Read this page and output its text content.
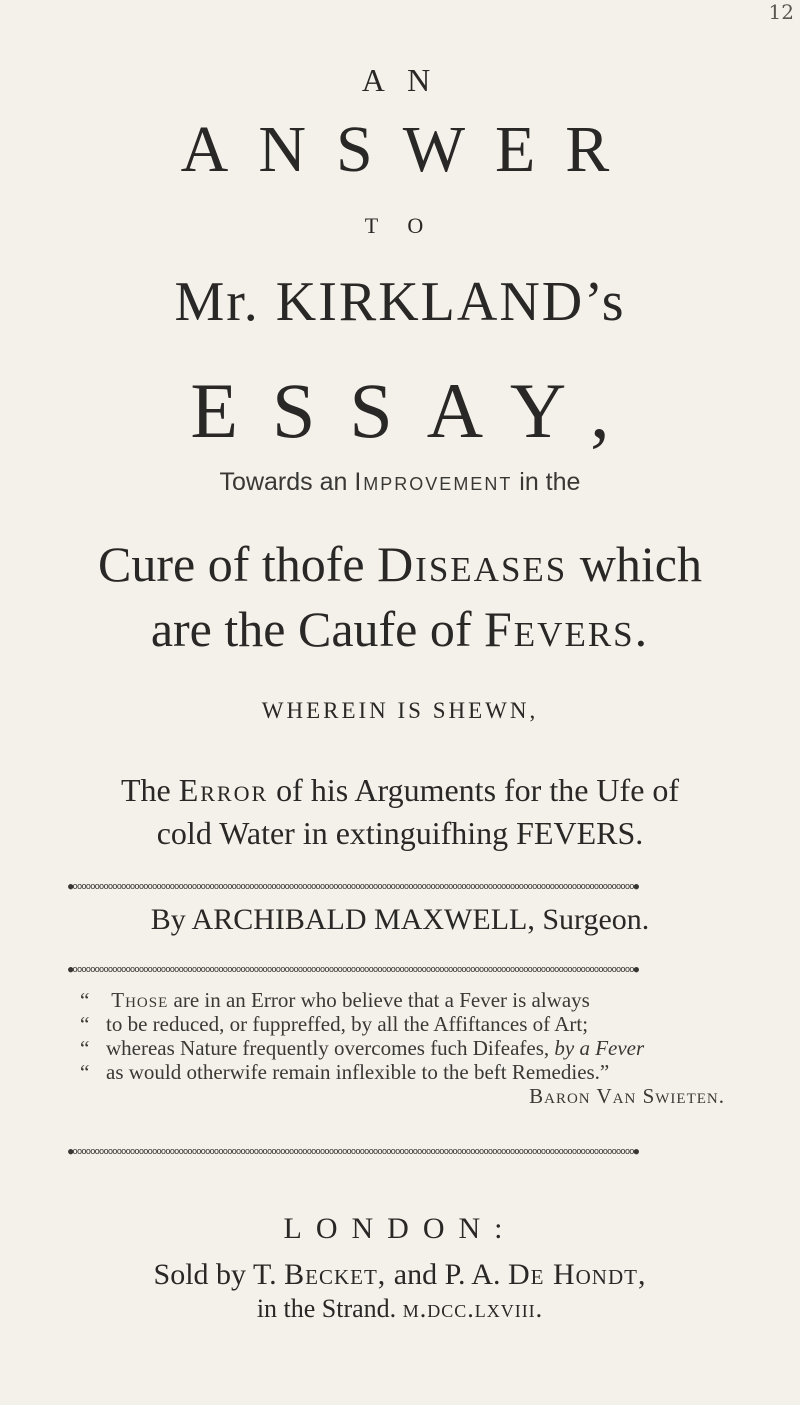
12
A N
ANSWER
T O
Mr. KIRKLAND’s
ESSAY,
Towards an Improvement in the
Cure of thofe Diseases which
are the Caufe of Fevers.
WHEREIN IS SHEWN,
The Error of his Arguments for the Ufe of
cold Water in extinguifhing FEVERS.
●ooooooooooooooooooooooooooooooooooooooooooooooooooooooooooooooooooooooooooooooooooooooooooooooooooooooooooooooooooooooooooooooo●
By ARCHIBALD MAXWELL, Surgeon.
●ooooooooooooooooooooooooooooooooooooooooooooooooooooooooooooooooooooooooooooooooooooooooooooooooooooooooooooooooooooooooooooooo●
“ Those are in an Error who believe that a Fever is always
“ to be reduced, or fuppreffed, by all the Affiftances of Art;
“ whereas Nature frequently overcomes fuch Difeafes, by a Fever
“ as would otherwife remain inflexible to the beft Remedies.”
Baron Van Swieten.
●ooooooooooooooooooooooooooooooooooooooooooooooooooooooooooooooooooooooooooooooooooooooooooooooooooooooooooooooooooooooooooooooo●
LONDON:
Sold by T. Becket, and P. A. De Hondt,
in the Strand. m.dcc.lxviii.
